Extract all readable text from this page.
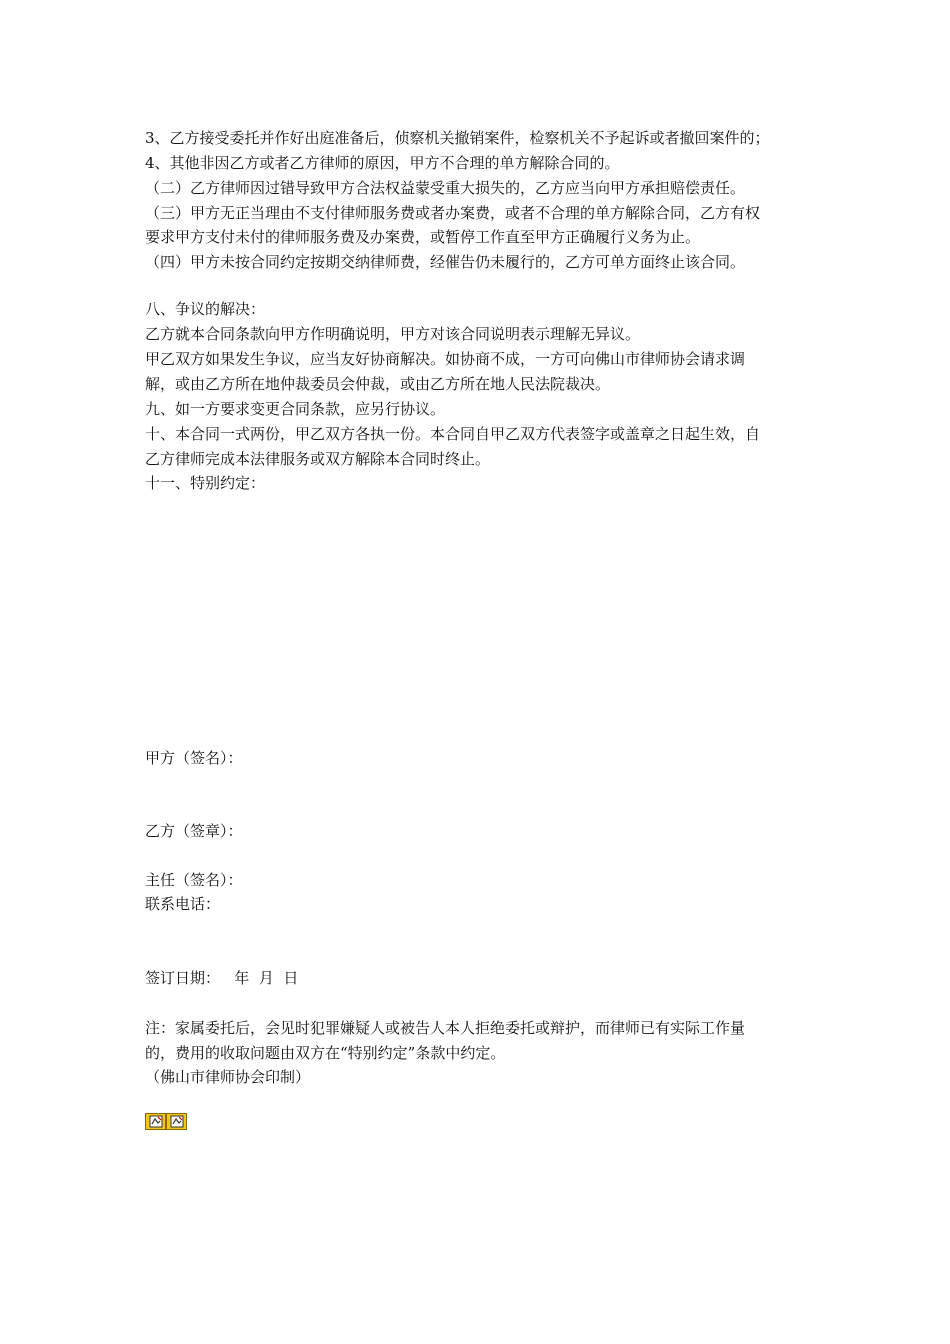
3、乙方接受委托并作好出庭准备后，侦察机关撤销案件，检察机关不予起诉或者撤回案件的；
4、其他非因乙方或者乙方律师的原因，甲方不合理的单方解除合同的。
（二）乙方律师因过错导致甲方合法权益蒙受重大损失的，乙方应当向甲方承担赔偿责任。
（三）甲方无正当理由不支付律师服务费或者办案费，或者不合理的单方解除合同，乙方有权
要求甲方支付未付的律师服务费及办案费，或暂停工作直至甲方正确履行义务为止。
（四）甲方未按合同约定按期交纳律师费，经催告仍未履行的，乙方可单方面终止该合同。
八、争议的解决：
乙方就本合同条款向甲方作明确说明，甲方对该合同说明表示理解无异议。
甲乙双方如果发生争议，应当友好协商解决。如协商不成，一方可向佛山市律师协会请求调
解，或由乙方所在地仲裁委员会仲裁，或由乙方所在地人民法院裁决。
九、如一方要求变更合同条款，应另行协议。
十、本合同一式两份，甲乙双方各执一份。本合同自甲乙双方代表签字或盖章之日起生效，自
乙方律师完成本法律服务或双方解除本合同时终止。
十一、特别约定：
甲方（签名）：
乙方（签章）：
主任（签名）：
联系电话：
签订日期：   年  月  日
注：家属委托后，会见时犯罪嫌疑人或被告人本人拒绝委托或辩护，而律师已有实际工作量
的，费用的收取问题由双方在“特别约定”条款中约定。
（佛山市律师协会印制）
